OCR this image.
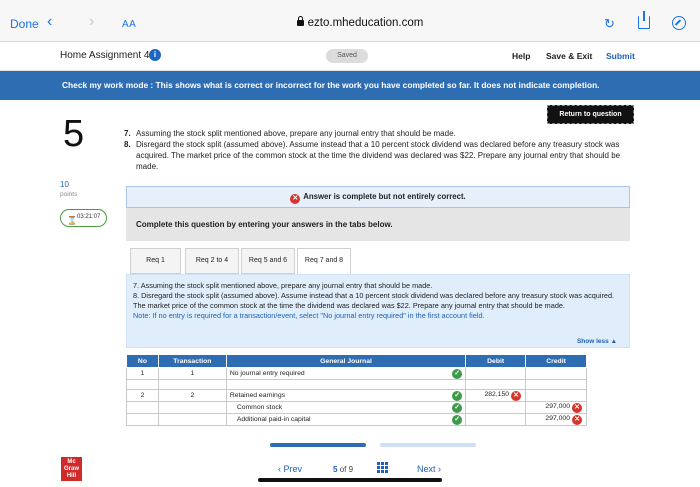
Done ‹ ›	AA	ezto.mheducation.com	↻
Home Assignment 4 i	Saved	Help Save & Exit Submit
Check my work mode : This shows what is correct or incorrect for the work you have completed so far. It does not indicate completion.
5
10
points
⌛ 03:21:07
Return to question
7. Assuming the stock split mentioned above, prepare any journal entry that should be made.
8. Disregard the stock split (assumed above). Assume instead that a 10 percent stock dividend was declared before any treasury stock was acquired. The market price of the common stock at the time the dividend was declared was $22. Prepare any journal entry that should be made.
✕ Answer is complete but not entirely correct.
Complete this question by entering your answers in the tabs below.
Req 1	Req 2 to 4	Req 5 and 6	Req 7 and 8
7. Assuming the stock split mentioned above, prepare any journal entry that should be made.
8. Disregard the stock split (assumed above). Assume instead that a 10 percent stock dividend was declared before any treasury stock was acquired. The market price of the common stock at the time the dividend was declared was $22. Prepare any journal entry that should be made.
Note: If no entry is required for a transaction/event, select "No journal entry required" in the first account field.
Show less ▲
No	Transaction	General Journal	Debit	Credit
1	1	No journal entry required ✓		

2	2	Retained earnings ✓	282,150 ✕	
		Common stock ✓		297,000 ✕
		Additional paid-in capital ✓		297,000 ✕
Mc
Graw
Hill
‹ Prev	5 of 9	Next ›
